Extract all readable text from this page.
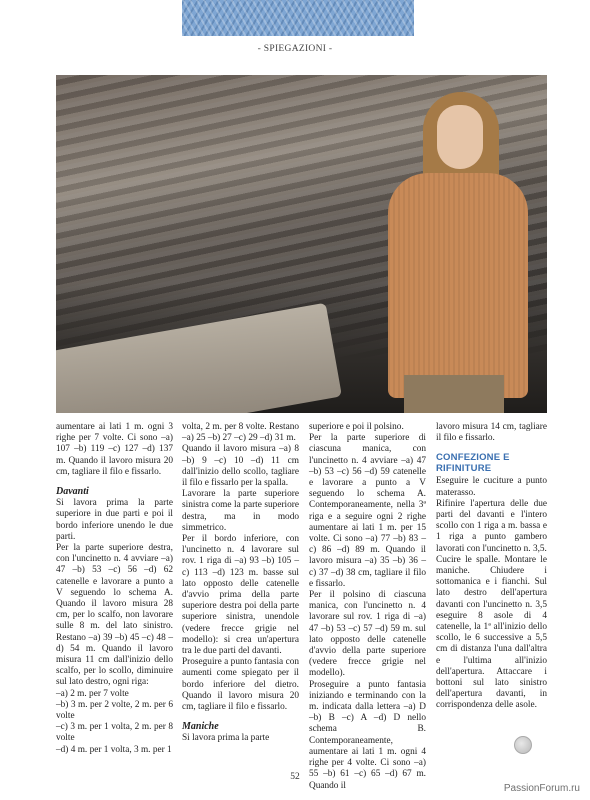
- SPIEGAZIONI -

aumentare ai lati 1 m. ogni 3 righe per 7 volte. Ci sono –a) 107 –b) 119 –c) 127 –d) 137 m. Quando il lavoro misura 20 cm, tagliare il filo e fissarlo.

Davanti

Si lavora prima la parte superiore in due parti e poi il bordo inferiore unendo le due parti.

Per la parte superiore destra, con l'uncinetto n. 4 avviare –a) 47 –b) 53 –c) 56 –d) 62 catenelle e lavorare a punto a V seguendo lo schema A. Quando il lavoro misura 28 cm, per lo scalfo, non lavorare sulle 8 m. del lato sinistro. Restano –a) 39 –b) 45 –c) 48 –d) 54 m. Quando il lavoro misura 11 cm dall'inizio dello scalfo, per lo scollo, diminuire sul lato destro, ogni riga:

–a) 2 m. per 7 volte

–b) 3 m. per 2 volte, 2 m. per 6 volte

–c) 3 m. per 1 volta, 2 m. per 8 volte

–d) 4 m. per 1 volta, 3 m. per 1

volta, 2 m. per 8 volte. Restano –a) 25 –b) 27 –c) 29 –d) 31 m.

Quando il lavoro misura –a) 8 –b) 9 –c) 10 –d) 11 cm dall'inizio dello scollo, tagliare il filo e fissarlo per la spalla.

Lavorare la parte superiore sinistra come la parte superiore destra, ma in modo simmetrico.

Per il bordo inferiore, con l'uncinetto n. 4 lavorare sul rov. 1 riga di –a) 93 –b) 105 –c) 113 –d) 123 m. basse sul lato opposto delle catenelle d'avvio prima della parte superiore destra poi della parte superiore sinistra, unendole (vedere frecce grigie nel modello): si crea un'apertura tra le due parti del davanti.

Proseguire a punto fantasia con aumenti come spiegato per il bordo inferiore del dietro. Quando il lavoro misura 20 cm, tagliare il filo e fissarlo.

Maniche

Si lavora prima la parte

superiore e poi il polsino.

Per la parte superiore di ciascuna manica, con l'uncinetto n. 4 avviare –a) 47 –b) 53 –c) 56 –d) 59 catenelle e lavorare a punto a V seguendo lo schema A. Contemporaneamente, nella 3ª riga e a seguire ogni 2 righe aumentare ai lati 1 m. per 15 volte. Ci sono –a) 77 –b) 83 –c) 86 –d) 89 m. Quando il lavoro misura –a) 35 –b) 36 –c) 37 –d) 38 cm, tagliare il filo e fissarlo.

Per il polsino di ciascuna manica, con l'uncinetto n. 4 lavorare sul rov. 1 riga di –a) 47 –b) 53 –c) 57 –d) 59 m. sul lato opposto delle catenelle d'avvio della parte superiore (vedere frecce grigie nel modello).

Proseguire a punto fantasia iniziando e terminando con la m. indicata dalla lettera –a) D –b) B –c) A –d) D nello schema B. Contemporaneamente, aumentare ai lati 1 m. ogni 4 righe per 4 volte. Ci sono –a) 55 –b) 61 –c) 65 –d) 67 m. Quando il

lavoro misura 14 cm, tagliare il filo e fissarlo.

CONFEZIONE E RIFINITURE

Eseguire le cuciture a punto materasso.

Rifinire l'apertura delle due parti del davanti e l'intero scollo con 1 riga a m. bassa e 1 riga a punto gambero lavorati con l'uncinetto n. 3,5.

Cucire le spalle. Montare le maniche. Chiudere i sottomanica e i fianchi. Sul lato destro dell'apertura davanti con l'uncinetto n. 3,5 eseguire 8 asole di 4 catenelle, la 1ª all'inizio dello scollo, le 6 successive a 5,5 cm di distanza l'una dall'altra e l'ultima all'inizio dell'apertura. Attaccare i bottoni sul lato sinistro dell'apertura davanti, in corrispondenza delle asole.

52
PassionForum.ru
